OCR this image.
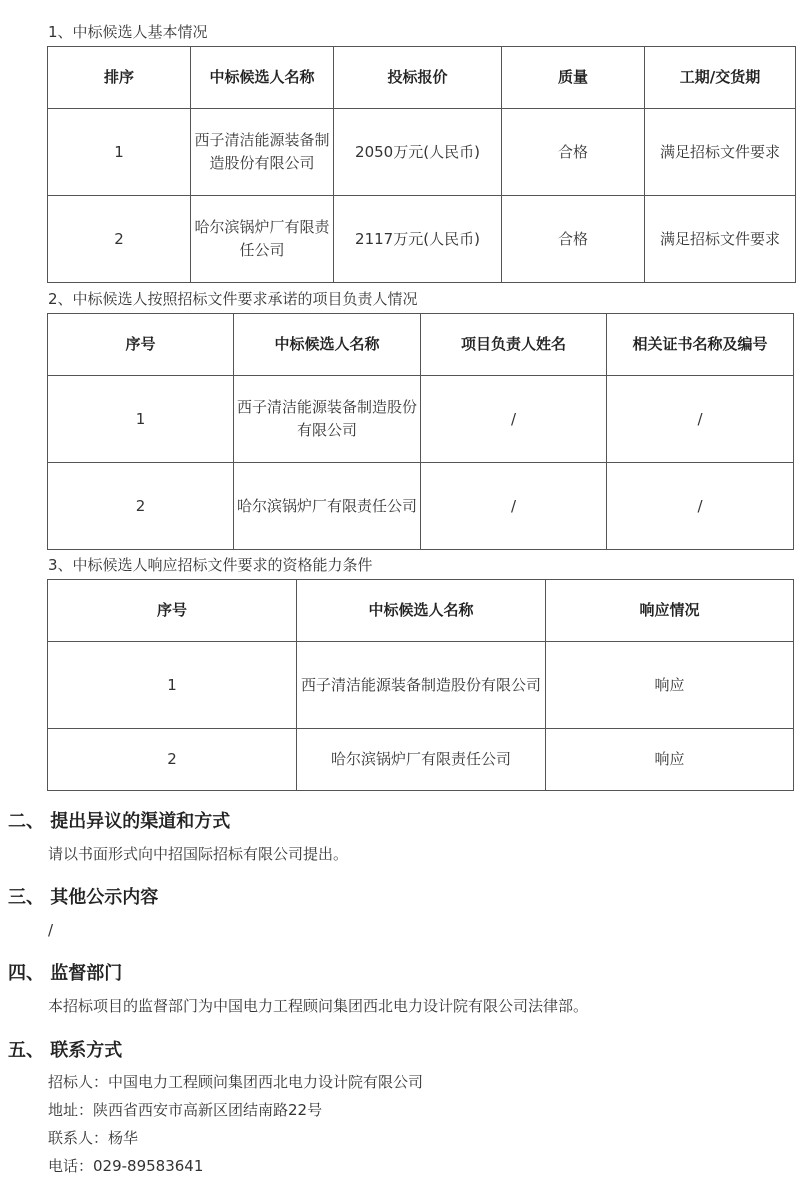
1、中标候选人基本情况
排序	中标候选人名称	投标报价	质量	工期/交货期
1	西子清洁能源装备制造股份有限公司	2050万元(人民币)	合格	满足招标文件要求
2	哈尔滨锅炉厂有限责任公司	2117万元(人民币)	合格	满足招标文件要求
2、中标候选人按照招标文件要求承诺的项目负责人情况
序号	中标候选人名称	项目负责人姓名	相关证书名称及编号
1	西子清洁能源装备制造股份有限公司	/	/
2	哈尔滨锅炉厂有限责任公司	/	/
3、中标候选人响应招标文件要求的资格能力条件
序号	中标候选人名称	响应情况
1	西子清洁能源装备制造股份有限公司	响应
2	哈尔滨锅炉厂有限责任公司	响应
二、 提出异议的渠道和方式
请以书面形式向中招国际招标有限公司提出。
三、 其他公示内容
/
四、 监督部门
本招标项目的监督部门为中国电力工程顾问集团西北电力设计院有限公司法律部。
五、 联系方式
招标人：中国电力工程顾问集团西北电力设计院有限公司
地址：陕西省西安市高新区团结南路22号
联系人：杨华
电话：029-89583641
